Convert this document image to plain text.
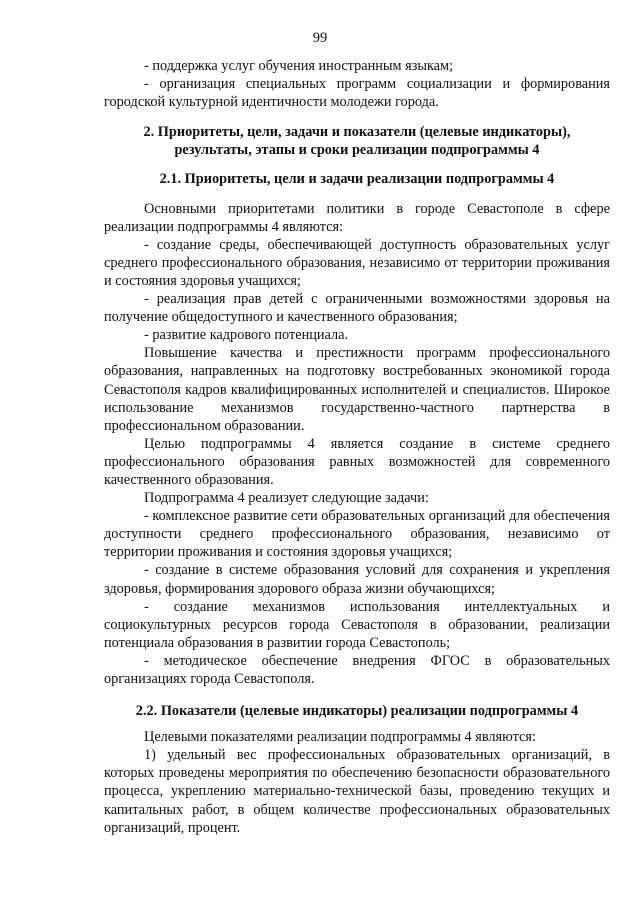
99

- поддержка услуг обучения иностранным языкам;

- организация специальных программ социализации и формирования городской культурной идентичности молодежи города.

2. Приоритеты, цели, задачи и показатели (целевые индикаторы), результаты, этапы и сроки реализации подпрограммы 4
2.1. Приоритеты, цели и задачи реализации подпрограммы 4

Основными приоритетами политики в городе Севастополе в сфере реализации подпрограммы 4 являются:

- создание среды, обеспечивающей доступность образовательных услуг среднего профессионального образования, независимо от территории проживания и состояния здоровья учащихся;

- реализация прав детей с ограниченными возможностями здоровья на получение общедоступного и качественного образования;

- развитие кадрового потенциала.

Повышение качества и престижности программ профессионального образования, направленных на подготовку востребованных экономикой города Севастополя кадров квалифицированных исполнителей и специалистов. Широкое использование механизмов государственно-частного партнерства в профессиональном образовании.

Целью подпрограммы 4 является создание в системе среднего профессионального образования равных возможностей для современного качественного образования.

Подпрограмма 4 реализует следующие задачи:

- комплексное развитие сети образовательных организаций для обеспечения доступности среднего профессионального образования, независимо от территории проживания и состояния здоровья учащихся;

- создание в системе образования условий для сохранения и укрепления здоровья, формирования здорового образа жизни обучающихся;

- создание механизмов использования интеллектуальных и социокультурных ресурсов города Севастополя в образовании, реализации потенциала образования в развитии города Севастополь;

- методическое обеспечение внедрения ФГОС в образовательных организациях города Севастополя.

2.2. Показатели (целевые индикаторы) реализации подпрограммы 4

Целевыми показателями реализации подпрограммы 4 являются:

1) удельный вес профессиональных образовательных организаций, в которых проведены мероприятия по обеспечению безопасности образовательного процесса, укреплению материально-технической базы, проведению текущих и капитальных работ, в общем количестве профессиональных образовательных организаций, процент.
